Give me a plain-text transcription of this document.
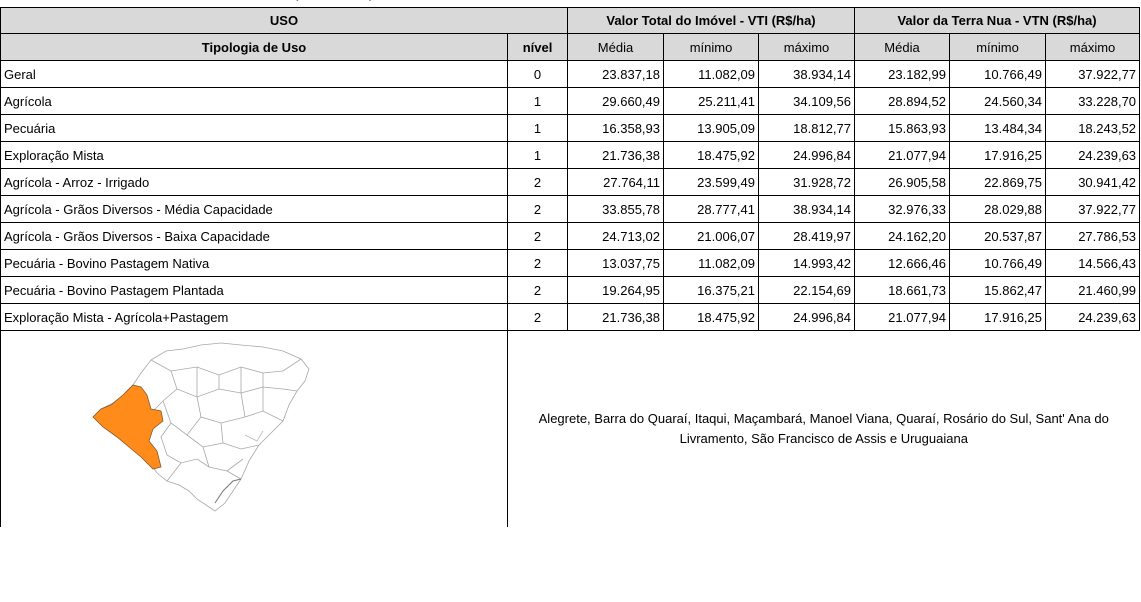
USO		Valor Total do Imóvel - VTI (R$/ha)			Valor da Terra Nua - VTN (R$/ha)		
Tipologia de Uso	nível	Média	mínimo	máximo	Média	mínimo	máximo
Geral	0	23.837,18	11.082,09	38.934,14	23.182,99	10.766,49	37.922,77
Agrícola	1	29.660,49	25.211,41	34.109,56	28.894,52	24.560,34	33.228,70
Pecuária	1	16.358,93	13.905,09	18.812,77	15.863,93	13.484,34	18.243,52
Exploração Mista	1	21.736,38	18.475,92	24.996,84	21.077,94	17.916,25	24.239,63
Agrícola - Arroz - Irrigado	2	27.764,11	23.599,49	31.928,72	26.905,58	22.869,75	30.941,42
Agrícola - Grãos Diversos - Média Capacidade	2	33.855,78	28.777,41	38.934,14	32.976,33	28.029,88	37.922,77
Agrícola - Grãos Diversos - Baixa Capacidade	2	24.713,02	21.006,07	28.419,97	24.162,20	20.537,87	27.786,53
Pecuária - Bovino Pastagem Nativa	2	13.037,75	11.082,09	14.993,42	12.666,46	10.766,49	14.566,43
Pecuária - Bovino Pastagem Plantada	2	19.264,95	16.375,21	22.154,69	18.661,73	15.862,47	21.460,99
Exploração Mista - Agrícola+Pastagem	2	21.736,38	18.475,92	24.996,84	21.077,94	17.916,25	24.239,63

Alegrete, Barra do Quaraí, Itaqui, Maçambará, Manoel Viana, Quaraí, Rosário do Sul, Sant' Ana do Livramento, São Francisco de Assis e Uruguaiana						
